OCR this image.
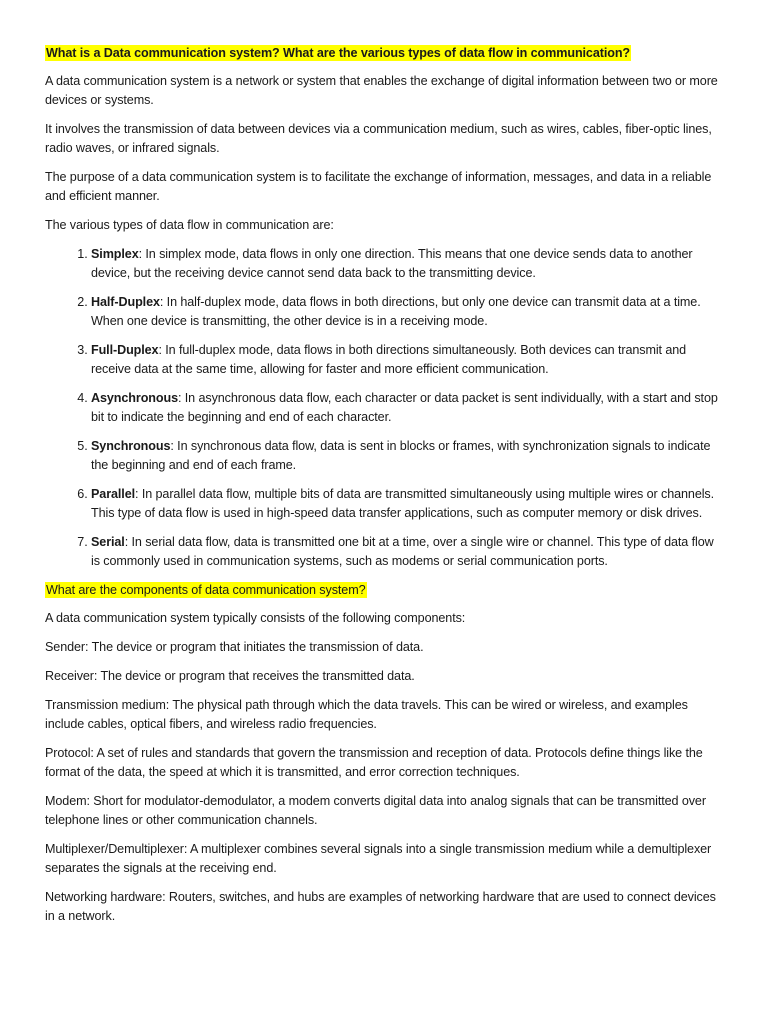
What is a Data communication system? What are the various types of data flow in communication?

A data communication system is a network or system that enables the exchange of digital information between two or more devices or systems.

It involves the transmission of data between devices via a communication medium, such as wires, cables, fiber-optic lines, radio waves, or infrared signals.

The purpose of a data communication system is to facilitate the exchange of information, messages, and data in a reliable and efficient manner.

The various types of data flow in communication are:

1. Simplex: In simplex mode, data flows in only one direction. This means that one device sends data to another device, but the receiving device cannot send data back to the transmitting device.
2. Half-Duplex: In half-duplex mode, data flows in both directions, but only one device can transmit data at a time. When one device is transmitting, the other device is in a receiving mode.
3. Full-Duplex: In full-duplex mode, data flows in both directions simultaneously. Both devices can transmit and receive data at the same time, allowing for faster and more efficient communication.
4. Asynchronous: In asynchronous data flow, each character or data packet is sent individually, with a start and stop bit to indicate the beginning and end of each character.
5. Synchronous: In synchronous data flow, data is sent in blocks or frames, with synchronization signals to indicate the beginning and end of each frame.
6. Parallel: In parallel data flow, multiple bits of data are transmitted simultaneously using multiple wires or channels. This type of data flow is used in high-speed data transfer applications, such as computer memory or disk drives.
7. Serial: In serial data flow, data is transmitted one bit at a time, over a single wire or channel. This type of data flow is commonly used in communication systems, such as modems or serial communication ports.
What are the components of data communication system?

A data communication system typically consists of the following components:

Sender: The device or program that initiates the transmission of data.

Receiver: The device or program that receives the transmitted data.

Transmission medium: The physical path through which the data travels. This can be wired or wireless, and examples include cables, optical fibers, and wireless radio frequencies.

Protocol: A set of rules and standards that govern the transmission and reception of data. Protocols define things like the format of the data, the speed at which it is transmitted, and error correction techniques.

Modem: Short for modulator-demodulator, a modem converts digital data into analog signals that can be transmitted over telephone lines or other communication channels.

Multiplexer/Demultiplexer: A multiplexer combines several signals into a single transmission medium while a demultiplexer separates the signals at the receiving end.

Networking hardware: Routers, switches, and hubs are examples of networking hardware that are used to connect devices in a network.
